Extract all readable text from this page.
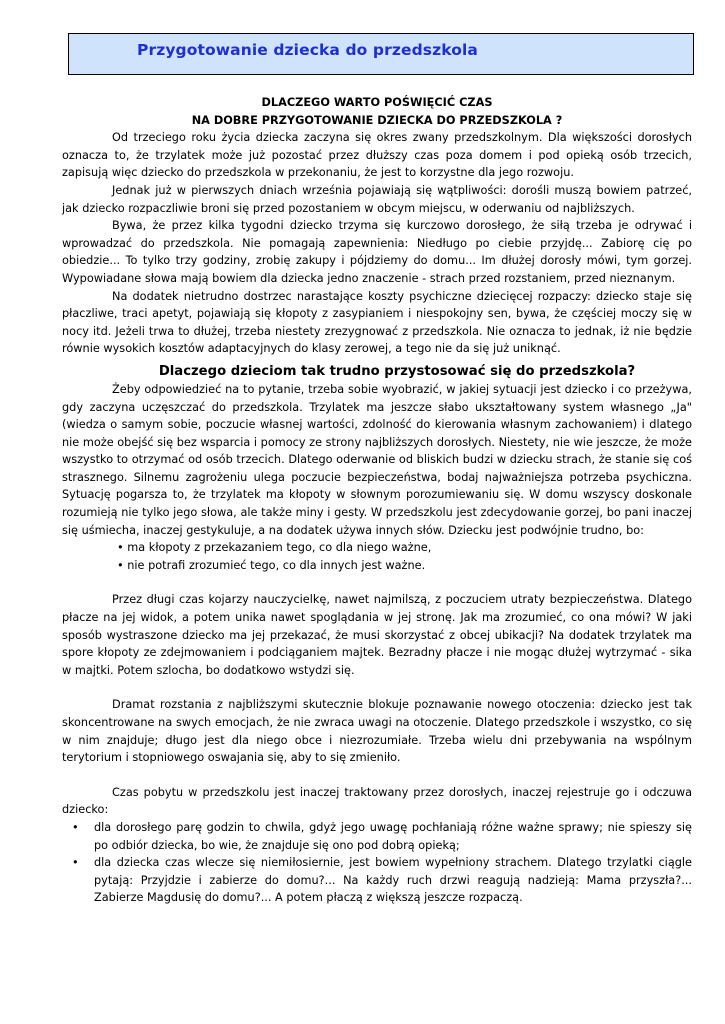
Przygotowanie dziecka do przedszkola

DLACZEGO WARTO POŚWIĘCIĆ CZAS

NA DOBRE PRZYGOTOWANIE DZIECKA DO PRZEDSZKOLA ?

Od trzeciego roku życia dziecka zaczyna się okres zwany przedszkolnym. Dla większości dorosłych oznacza to, że trzylatek może już pozostać przez dłuższy czas poza domem i pod opieką osób trzecich, zapisują więc dziecko do przedszkola w przekonaniu, że jest to korzystne dla jego rozwoju.

Jednak już w pierwszych dniach września pojawiają się wątpliwości: dorośli muszą bowiem patrzeć, jak dziecko rozpaczliwie broni się przed pozostaniem w obcym miejscu, w oderwaniu od najbliższych.

Bywa, że przez kilka tygodni dziecko trzyma się kurczowo dorosłego, że siłą trzeba je odrywać i wprowadzać do przedszkola. Nie pomagają zapewnienia: Niedługo po ciebie przyjdę... Zabiorę cię po obiedzie... To tylko trzy godziny, zrobię zakupy i pójdziemy do domu... Im dłużej dorosły mówi, tym gorzej. Wypowiadane słowa mają bowiem dla dziecka jedno znaczenie - strach przed rozstaniem, przed nieznanym.

Na dodatek nietrudno dostrzec narastające koszty psychiczne dziecięcej rozpaczy: dziecko staje się płaczliwe, traci apetyt, pojawiają się kłopoty z zasypianiem i niespokojny sen, bywa, że częściej moczy się w nocy itd. Jeżeli trwa to dłużej, trzeba niestety zrezygnować z przedszkola. Nie oznacza to jednak, iż nie będzie równie wysokich kosztów adaptacyjnych do klasy zerowej, a tego nie da się już uniknąć.

Dlaczego dzieciom tak trudno przystosować się do przedszkola?

Żeby odpowiedzieć na to pytanie, trzeba sobie wyobrazić, w jakiej sytuacji jest dziecko i co przeżywa, gdy zaczyna uczęszczać do przedszkola. Trzylatek ma jeszcze słabo ukształtowany system własnego „Ja" (wiedza o samym sobie, poczucie własnej wartości, zdolność do kierowania własnym zachowaniem) i dlatego nie może obejść się bez wsparcia i pomocy ze strony najbliższych dorosłych. Niestety, nie wie jeszcze, że może wszystko to otrzymać od osób trzecich. Dlatego oderwanie od bliskich budzi w dziecku strach, że stanie się coś strasznego. Silnemu zagrożeniu ulega poczucie bezpieczeństwa, bodaj najważniejsza potrzeba psychiczna. Sytuację pogarsza to, że trzylatek ma kłopoty w słownym porozumiewaniu się. W domu wszyscy doskonale rozumieją nie tylko jego słowa, ale także miny i gesty. W przedszkolu jest zdecydowanie gorzej, bo pani inaczej się uśmiecha, inaczej gestykuluje, a na dodatek używa innych słów. Dziecku jest podwójnie trudno, bo:

• ma kłopoty z przekazaniem tego, co dla niego ważne,
• nie potrafi zrozumieć tego, co dla innych jest ważne.

Przez długi czas kojarzy nauczycielkę, nawet najmilszą, z poczuciem utraty bezpieczeństwa. Dlatego płacze na jej widok, a potem unika nawet spoglądania w jej stronę. Jak ma zrozumieć, co ona mówi? W jaki sposób wystraszone dziecko ma jej przekazać, że musi skorzystać z obcej ubikacji? Na dodatek trzylatek ma spore kłopoty ze zdejmowaniem i podciąganiem majtek. Bezradny płacze i nie mogąc dłużej wytrzymać - sika w majtki. Potem szlocha, bo dodatkowo wstydzi się.

Dramat rozstania z najbliższymi skutecznie blokuje poznawanie nowego otoczenia: dziecko jest tak skoncentrowane na swych emocjach, że nie zwraca uwagi na otoczenie. Dlatego przedszkole i wszystko, co się w nim znajduje; długo jest dla niego obce i niezrozumiałe. Trzeba wielu dni przebywania na wspólnym terytorium i stopniowego oswajania się, aby to się zmieniło.

Czas pobytu w przedszkolu jest inaczej traktowany przez dorosłych, inaczej rejestruje go i odczuwa dziecko:

• dla dorosłego parę godzin to chwila, gdyż jego uwagę pochłaniają różne ważne sprawy; nie spieszy się po odbiór dziecka, bo wie, że znajduje się ono pod dobrą opieką;
• dla dziecka czas wlecze się niemiłosiernie, jest bowiem wypełniony strachem. Dlatego trzylatki ciągle pytają: Przyjdzie i zabierze do domu?... Na każdy ruch drzwi reagują nadzieją: Mama przyszła?... Zabierze Magdusię do domu?... A potem płaczą z większą jeszcze rozpaczą.
